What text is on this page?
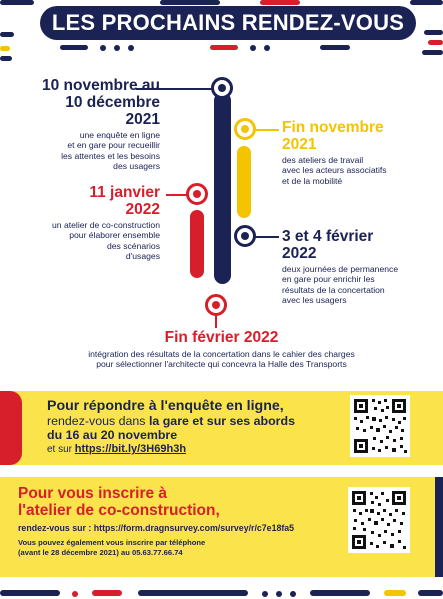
LES PROCHAINS RENDEZ-VOUS
10 novembre au
10 décembre
2021
une enquête en ligne
et en gare pour recueillir
les attentes et les besoins
des usagers
Fin novembre
2021
des ateliers de travail
avec les acteurs associatifs
et de la mobilité
11 janvier
2022
un atelier de co-construction
pour élaborer ensemble
des scénarios
d'usages
3 et 4 février
2022
deux journées de permanence
en gare pour enrichir les
résultats de la concertation
avec les usagers
Fin février 2022
intégration des résultats de la concertation dans le cahier des charges
pour sélectionner l'architecte qui concevra la Halle des Transports
Pour répondre à l'enquête en ligne,
rendez-vous dans la gare et sur ses abords
du 16 au 20 novembre
et sur https://bit.ly/3H69h3h
Pour vous inscrire à
l'atelier de co-construction,
rendez-vous sur : https://form.dragnsurvey.com/survey/r/c7e18fa5
Vous pouvez également vous inscrire par téléphone
(avant le 28 décembre 2021) au 05.63.77.66.74
